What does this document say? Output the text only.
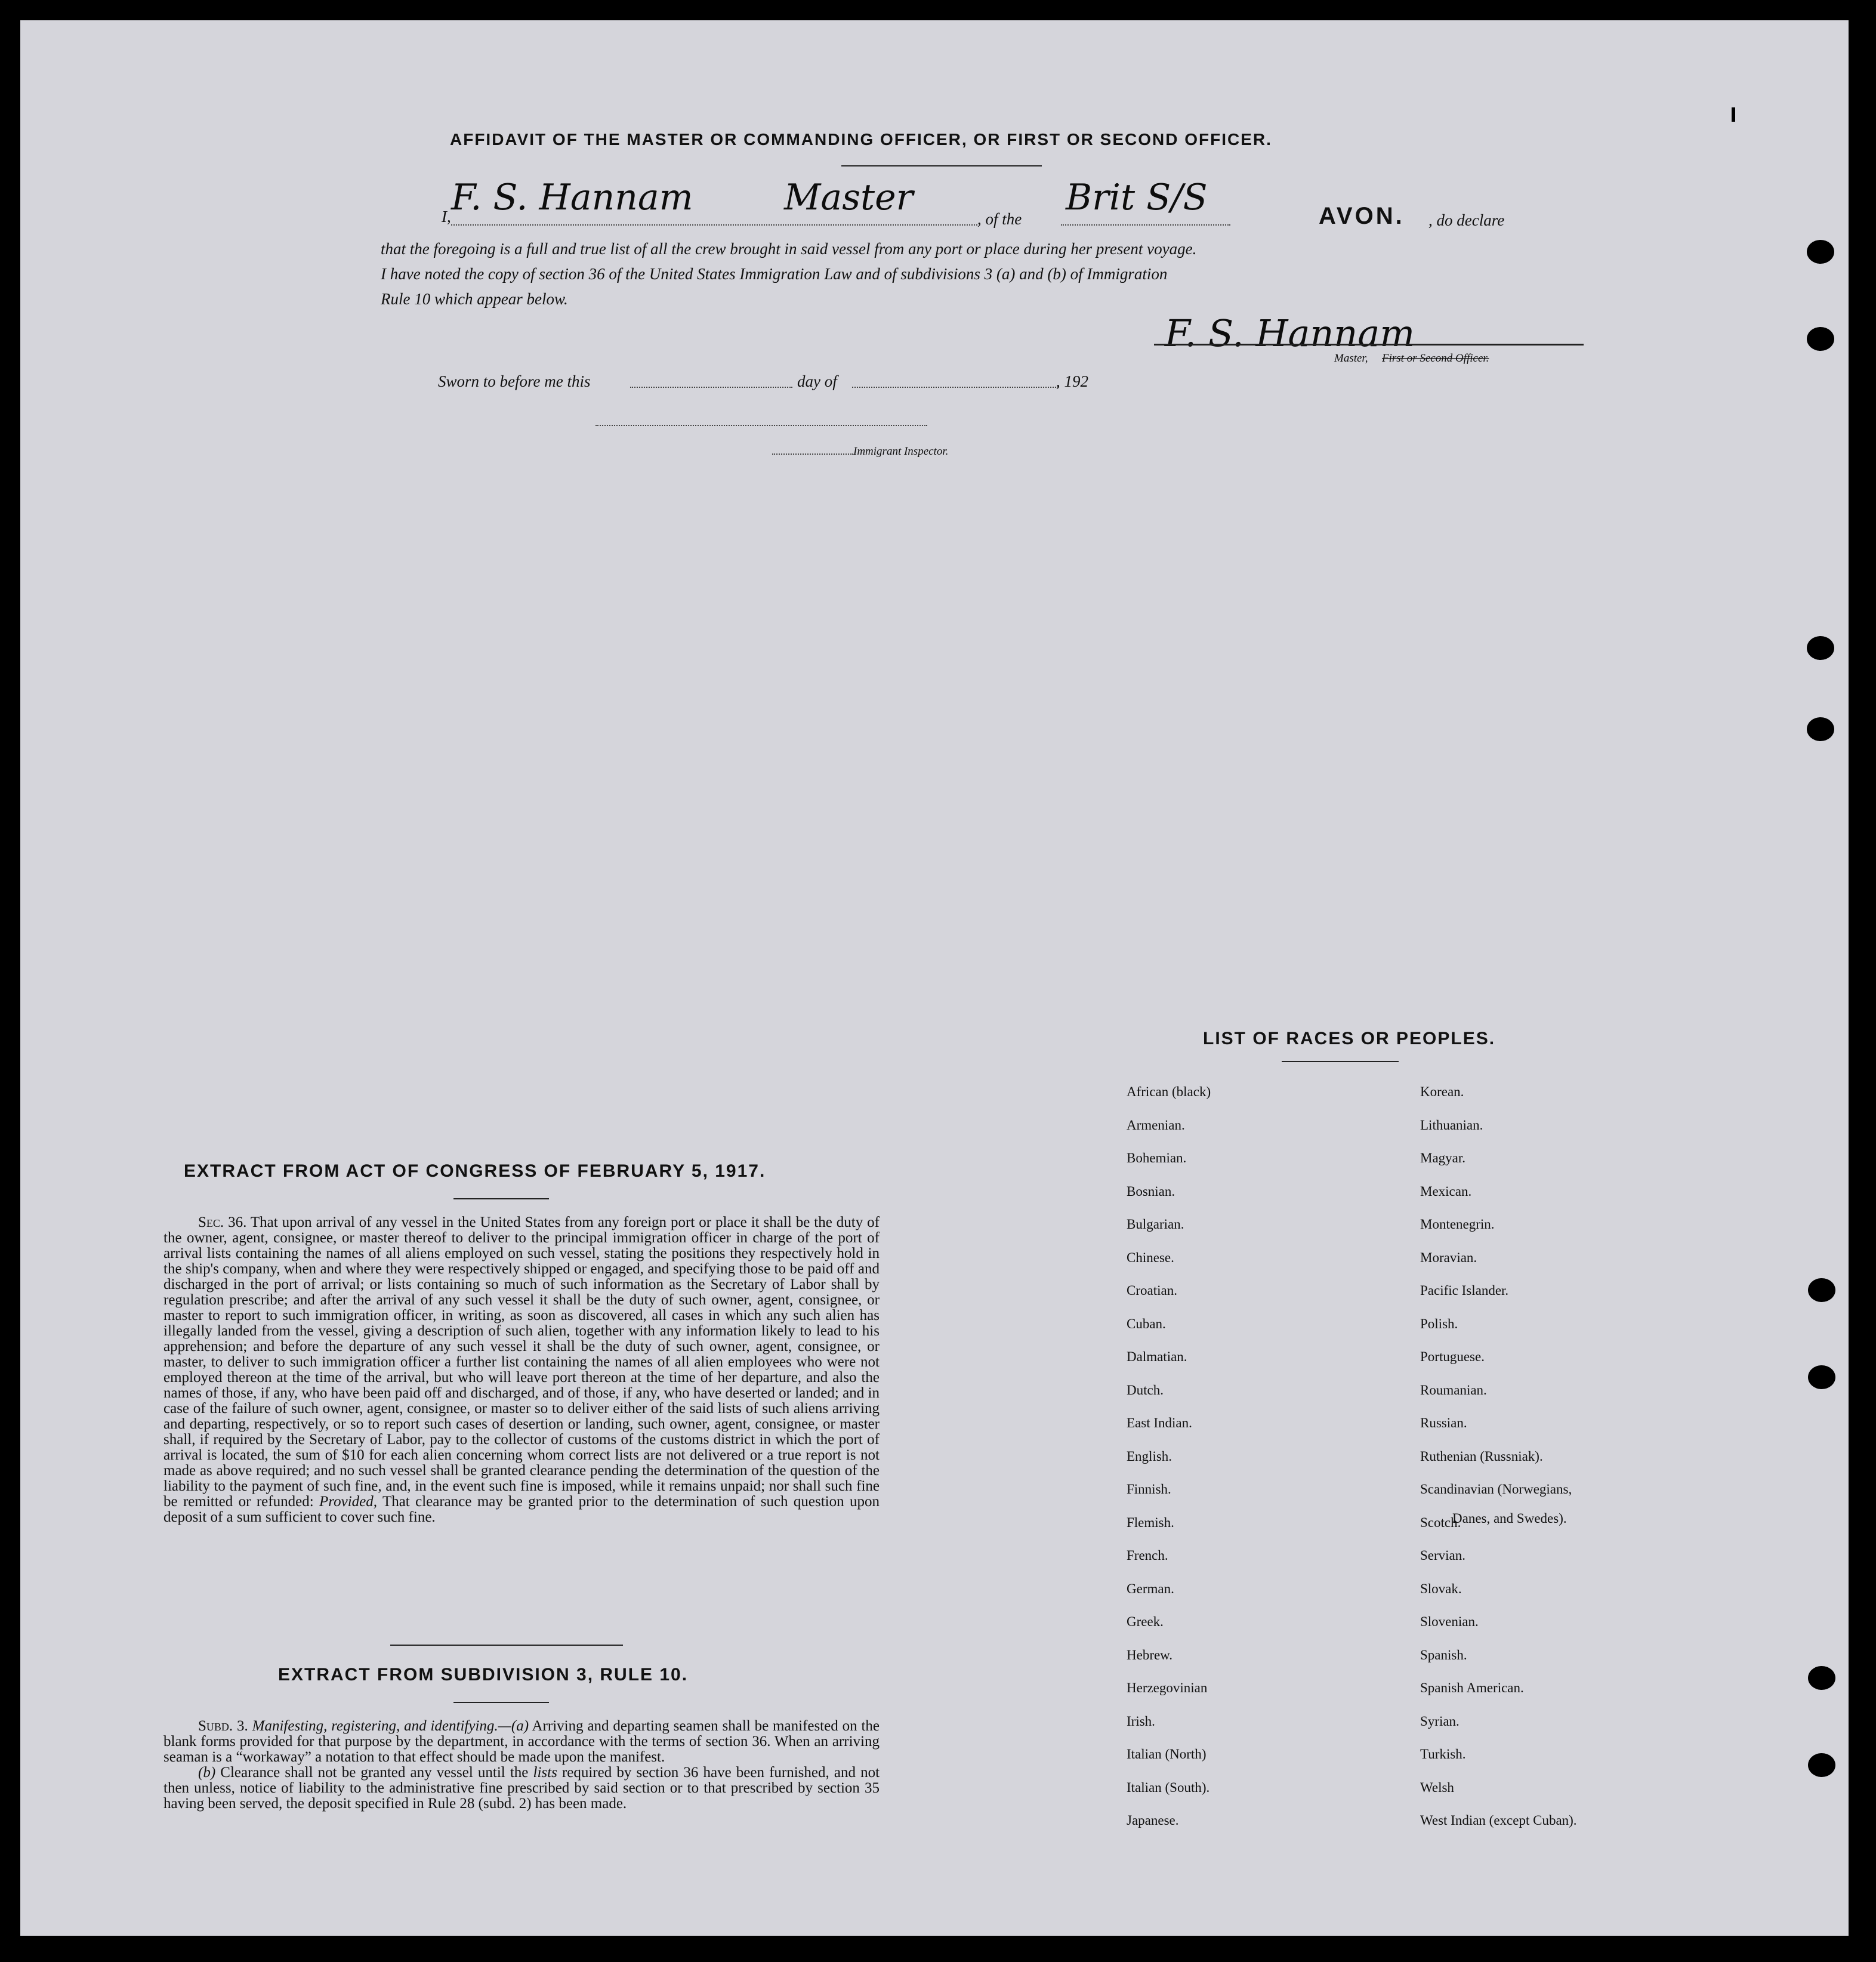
AFFIDAVIT OF THE MASTER OR COMMANDING OFFICER, OR FIRST OR SECOND OFFICER.
I, F. S. Hannam	Master
, of the
Brit S/S	AVON. , do declare
that the foregoing is a full and true list of all the crew brought in said vessel from any port or place during her present voyage.
I have noted the copy of section 36 of the United States Immigration Law and of subdivisions 3 (a) and (b) of Immigration
Rule 10 which appear below.
F. S. Hannam
Master, First or Second Officer.
Sworn to before me this	day of	, 192
Immigrant Inspector.
LIST OF RACES OR PEOPLES.
African (black)
Armenian.
Bohemian.
Bosnian.
Bulgarian.
Chinese.
Croatian.
Cuban.
Dalmatian.
Dutch.
East Indian.
English.
Finnish.
Flemish.
French.
German.
Greek.
Hebrew.
Herzegovinian
Irish.
Italian (North)
Italian (South).
Japanese.
Korean.
Lithuanian.
Magyar.
Mexican.
Montenegrin.
Moravian.
Pacific Islander.
Polish.
Portuguese.
Roumanian.
Russian.
Ruthenian (Russniak).
Scandinavian (Norwegians,
Scotch.
Servian.
Slovak.
Slovenian.
Spanish.
Spanish American.
Syrian.
Turkish.
Welsh
West Indian (except Cuban).
Danes, and Swedes).
EXTRACT FROM ACT OF CONGRESS OF FEBRUARY 5, 1917.
Sec. 36. That upon arrival of any vessel in the United States from any foreign port or place it shall be the duty of the owner, agent, consignee, or master thereof to deliver to the principal immigration officer in charge of the port of arrival lists containing the names of all aliens employed on such vessel, stating the positions they respectively hold in the ship's company, when and where they were respectively shipped or engaged, and specifying those to be paid off and discharged in the port of arrival; or lists containing so much of such information as the Secretary of Labor shall by regulation prescribe; and after the arrival of any such vessel it shall be the duty of such owner, agent, consignee, or master to report to such immigration officer, in writing, as soon as discovered, all cases in which any such alien has illegally landed from the vessel, giving a description of such alien, together with any information likely to lead to his apprehension; and before the departure of any such vessel it shall be the duty of such owner, agent, consignee, or master, to deliver to such immigration officer a further list containing the names of all alien employees who were not employed thereon at the time of the arrival, but who will leave port thereon at the time of her departure, and also the names of those, if any, who have been paid off and discharged, and of those, if any, who have deserted or landed; and in case of the failure of such owner, agent, consignee, or master so to deliver either of the said lists of such aliens arriving and departing, respectively, or so to report such cases of desertion or landing, such owner, agent, consignee, or master shall, if required by the Secretary of Labor, pay to the collector of customs of the customs district in which the port of arrival is located, the sum of $10 for each alien concerning whom correct lists are not delivered or a true report is not made as above required; and no such vessel shall be granted clearance pending the determination of the question of the liability to the payment of such fine, and, in the event such fine is imposed, while it remains unpaid; nor shall such fine be remitted or refunded: Provided, That clearance may be granted prior to the determination of such question upon deposit of a sum sufficient to cover such fine.
EXTRACT FROM SUBDIVISION 3, RULE 10.
Subd. 3. Manifesting, registering, and identifying.—(a) Arriving and departing seamen shall be manifested on the blank forms provided for that purpose by the department, in accordance with the terms of section 36. When an arriving seaman is a “workaway” a notation to that effect should be made upon the manifest.
(b) Clearance shall not be granted any vessel until the lists required by section 36 have been furnished, and not then unless, notice of liability to the administrative fine prescribed by said section or to that prescribed by section 35 having been served, the deposit specified in Rule 28 (subd. 2) has been made.
